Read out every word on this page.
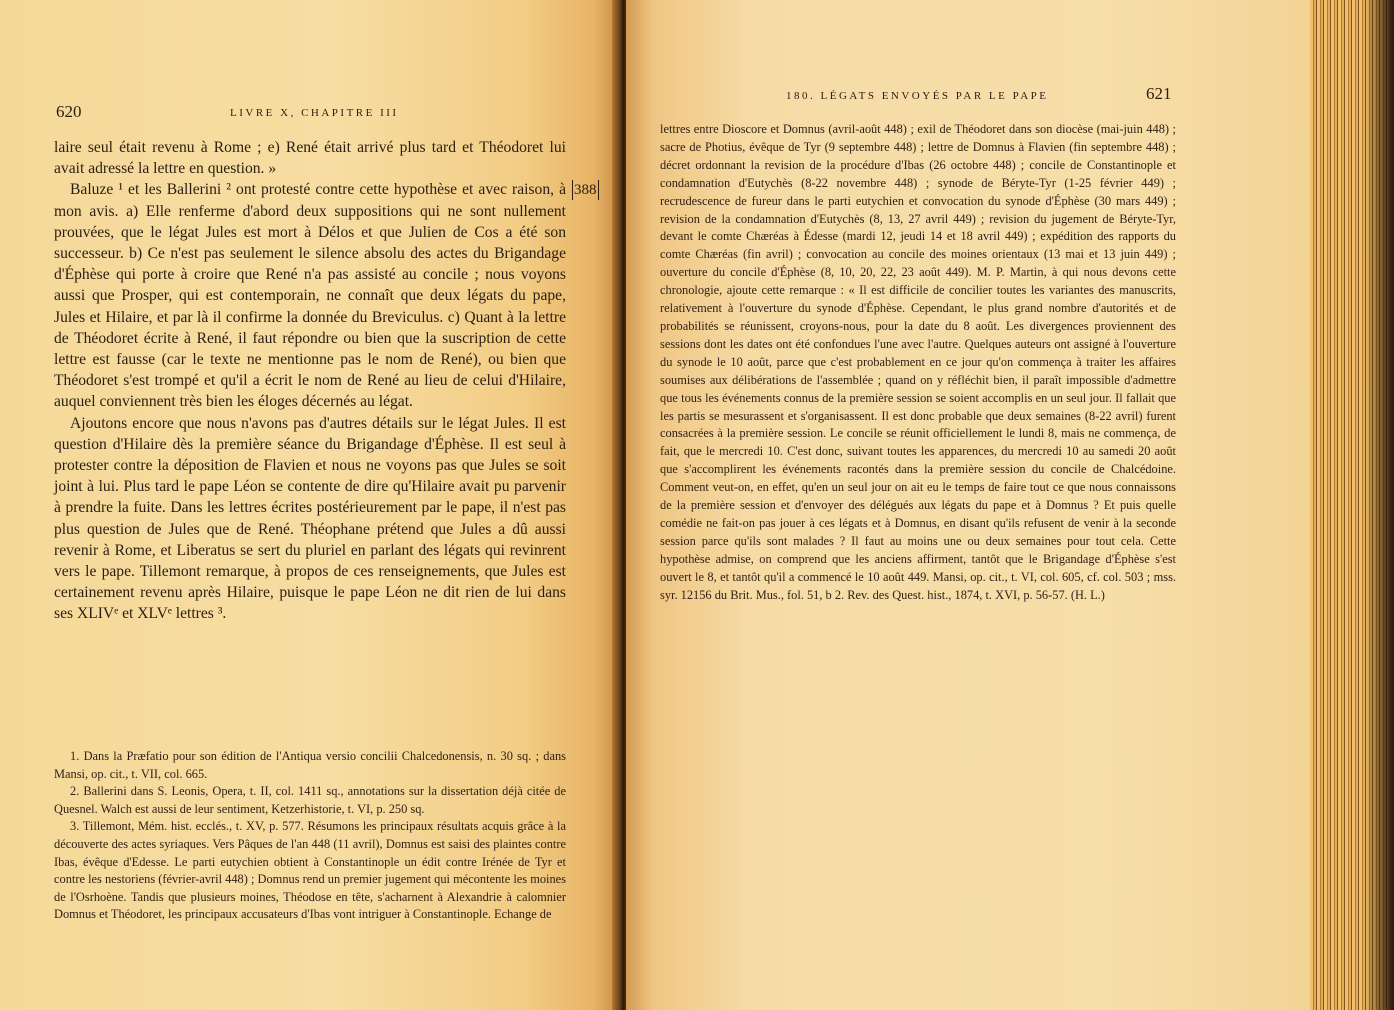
620	LIVRE X, CHAPITRE III

laire seul était revenu à Rome ; e) René était arrivé plus tard et Théodoret lui avait adressé la lettre en question. »

Baluze ¹ et les Ballerini ² ont protesté contre cette hypothèse et avec raison, à mon avis. a) Elle renferme d'abord deux suppositions qui ne sont nullement prouvées, que le légat Jules est mort à Délos et que Julien de Cos a été son successeur. b) Ce n'est pas seulement le silence absolu des actes du Brigandage d'Éphèse qui porte à croire que René n'a pas assisté au concile ; nous voyons aussi que Prosper, qui est contemporain, ne connaît que deux légats du pape, Jules et Hilaire, et par là il confirme la donnée du Breviculus. c) Quant à la lettre de Théodoret écrite à René, il faut répondre ou bien que la suscription de cette lettre est fausse (car le texte ne mentionne pas le nom de René), ou bien que Théodoret s'est trompé et qu'il a écrit le nom de René au lieu de celui d'Hilaire, auquel conviennent très bien les éloges décernés au légat.

Ajoutons encore que nous n'avons pas d'autres détails sur le légat Jules. Il est question d'Hilaire dès la première séance du Brigandage d'Éphèse. Il est seul à protester contre la déposition de Flavien et nous ne voyons pas que Jules se soit joint à lui. Plus tard le pape Léon se contente de dire qu'Hilaire avait pu parvenir à prendre la fuite. Dans les lettres écrites postérieurement par le pape, il n'est pas plus question de Jules que de René. Théophane prétend que Jules a dû aussi revenir à Rome, et Liberatus se sert du pluriel en parlant des légats qui revinrent vers le pape. Tillemont remarque, à propos de ces renseignements, que Jules est certainement revenu après Hilaire, puisque le pape Léon ne dit rien de lui dans ses XLIVᵉ et XLVᵉ lettres ³.

1. Dans la Præfatio pour son édition de l'Antiqua versio concilii Chalcedonensis, n. 30 sq. ; dans Mansi, op. cit., t. VII, col. 665.

2. Ballerini dans S. Leonis, Opera, t. II, col. 1411 sq., annotations sur la dissertation déjà citée de Quesnel. Walch est aussi de leur sentiment, Ketzerhistorie, t. VI, p. 250 sq.

3. Tillemont, Mém. hist. ecclés., t. XV, p. 577. Résumons les principaux résultats acquis grâce à la découverte des actes syriaques. Vers Pâques de l'an 448 (11 avril), Domnus est saisi des plaintes contre Ibas, évêque d'Edesse. Le parti eutychien obtient à Constantinople un édit contre Irénée de Tyr et contre les nestoriens (février-avril 448) ; Domnus rend un premier jugement qui mécontente les moines de l'Osrhoène. Tandis que plusieurs moines, Théodose en tête, s'acharnent à Alexandrie à calomnier Domnus et Théodoret, les principaux accusateurs d'Ibas vont intriguer à Constantinople. Echange de

388
180. LÉGATS ENVOYÉS PAR LE PAPE	621

lettres entre Dioscore et Domnus (avril-août 448) ; exil de Théodoret dans son diocèse (mai-juin 448) ; sacre de Photius, évêque de Tyr (9 septembre 448) ; lettre de Domnus à Flavien (fin septembre 448) ; décret ordonnant la revision de la procédure d'Ibas (26 octobre 448) ; concile de Constantinople et condamnation d'Eutychès (8-22 novembre 448) ; synode de Béryte-Tyr (1-25 février 449) ; recrudescence de fureur dans le parti eutychien et convocation du synode d'Éphèse (30 mars 449) ; revision de la condamnation d'Eutychès (8, 13, 27 avril 449) ; revision du jugement de Béryte-Tyr, devant le comte Chæréas à Édesse (mardi 12, jeudi 14 et 18 avril 449) ; expédition des rapports du comte Chæréas (fin avril) ; convocation au concile des moines orientaux (13 mai et 13 juin 449) ; ouverture du concile d'Éphèse (8, 10, 20, 22, 23 août 449). M. P. Martin, à qui nous devons cette chronologie, ajoute cette remarque : « Il est difficile de concilier toutes les variantes des manuscrits, relativement à l'ouverture du synode d'Éphèse. Cependant, le plus grand nombre d'autorités et de probabilités se réunissent, croyons-nous, pour la date du 8 août. Les divergences proviennent des sessions dont les dates ont été confondues l'une avec l'autre. Quelques auteurs ont assigné à l'ouverture du synode le 10 août, parce que c'est probablement en ce jour qu'on commença à traiter les affaires soumises aux délibérations de l'assemblée ; quand on y réfléchit bien, il paraît impossible d'admettre que tous les événements connus de la première session se soient accomplis en un seul jour. Il fallait que les partis se mesurassent et s'organisassent. Il est donc probable que deux semaines (8-22 avril) furent consacrées à la première session. Le concile se réunit officiellement le lundi 8, mais ne commença, de fait, que le mercredi 10. C'est donc, suivant toutes les apparences, du mercredi 10 au samedi 20 août que s'accomplirent les événements racontés dans la première session du concile de Chalcédoine. Comment veut-on, en effet, qu'en un seul jour on ait eu le temps de faire tout ce que nous connaissons de la première session et d'envoyer des délégués aux légats du pape et à Domnus ? Et puis quelle comédie ne fait-on pas jouer à ces légats et à Domnus, en disant qu'ils refusent de venir à la seconde session parce qu'ils sont malades ? Il faut au moins une ou deux semaines pour tout cela. Cette hypothèse admise, on comprend que les anciens affirment, tantôt que le Brigandage d'Éphèse s'est ouvert le 8, et tantôt qu'il a commencé le 10 août 449. Mansi, op. cit., t. VI, col. 605, cf. col. 503 ; mss. syr. 12156 du Brit. Mus., fol. 51, b 2. Rev. des Quest. hist., 1874, t. XVI, p. 56-57. (H. L.)
